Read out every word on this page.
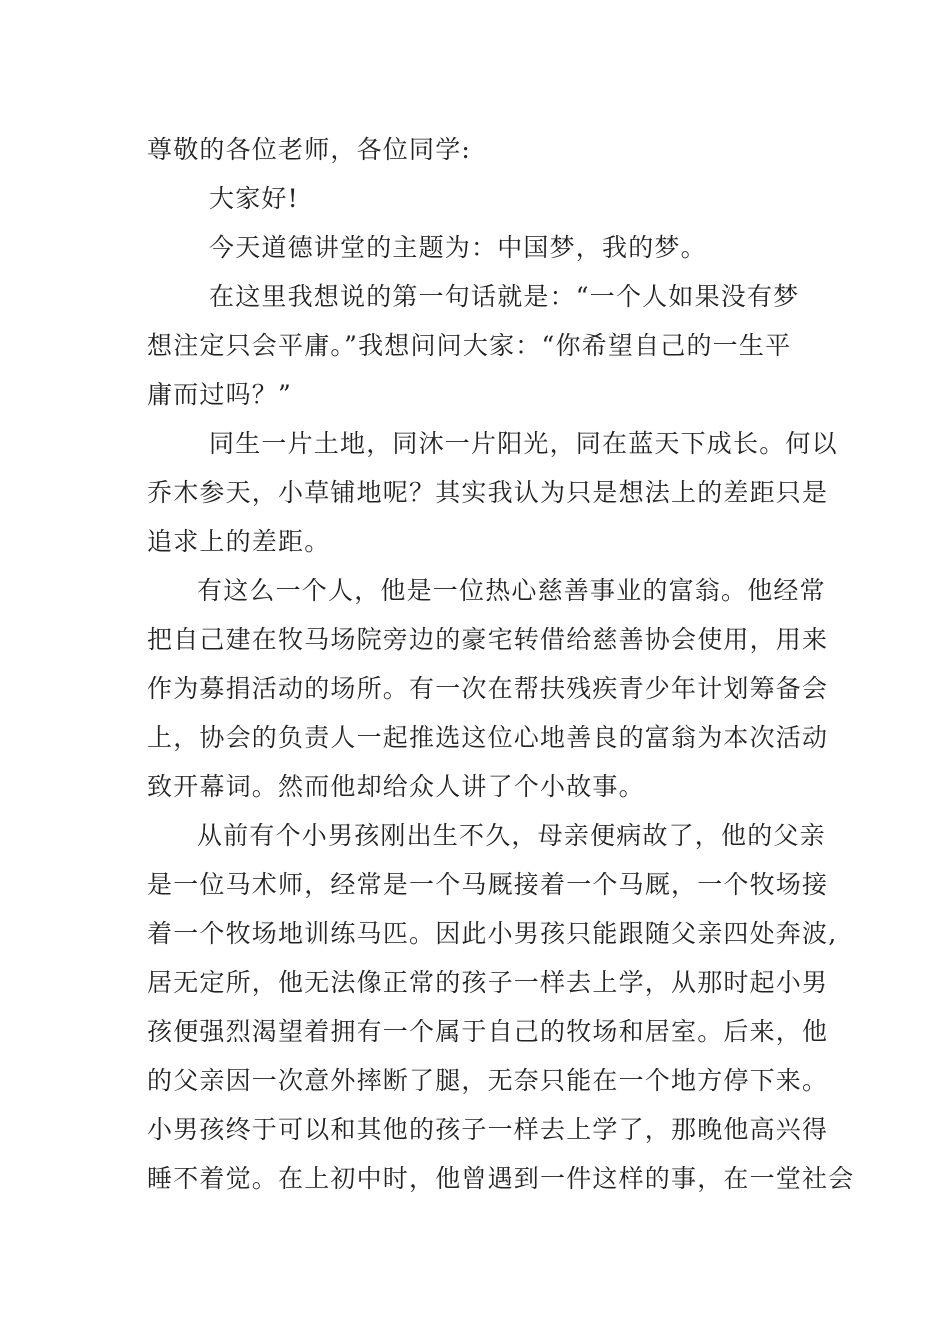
尊敬的各位老师，各位同学:
大家好!
今天道德讲堂的主题为：中国梦，我的梦。
在这里我想说的第一句话就是：“一个人如果没有梦
想注定只会平庸。”我想问问大家：“你希望自己的一生平
庸而过吗？”
同生一片土地，同沐一片阳光，同在蓝天下成长。何以
乔木参天，小草铺地呢？其实我认为只是想法上的差距只是
追求上的差距。
有这么一个人，他是一位热心慈善事业的富翁。他经常
把自己建在牧马场院旁边的豪宅转借给慈善协会使用，用来
作为募捐活动的场所。有一次在帮扶残疾青少年计划筹备会
上，协会的负责人一起推选这位心地善良的富翁为本次活动
致开幕词。然而他却给众人讲了个小故事。
从前有个小男孩刚出生不久，母亲便病故了，他的父亲
是一位马术师，经常是一个马厩接着一个马厩，一个牧场接
着一个牧场地训练马匹。因此小男孩只能跟随父亲四处奔波,
居无定所，他无法像正常的孩子一样去上学，从那时起小男
孩便强烈渴望着拥有一个属于自己的牧场和居室。后来，他
的父亲因一次意外摔断了腿，无奈只能在一个地方停下来。
小男孩终于可以和其他的孩子一样去上学了，那晚他高兴得
睡不着觉。在上初中时，他曾遇到一件这样的事，在一堂社会
